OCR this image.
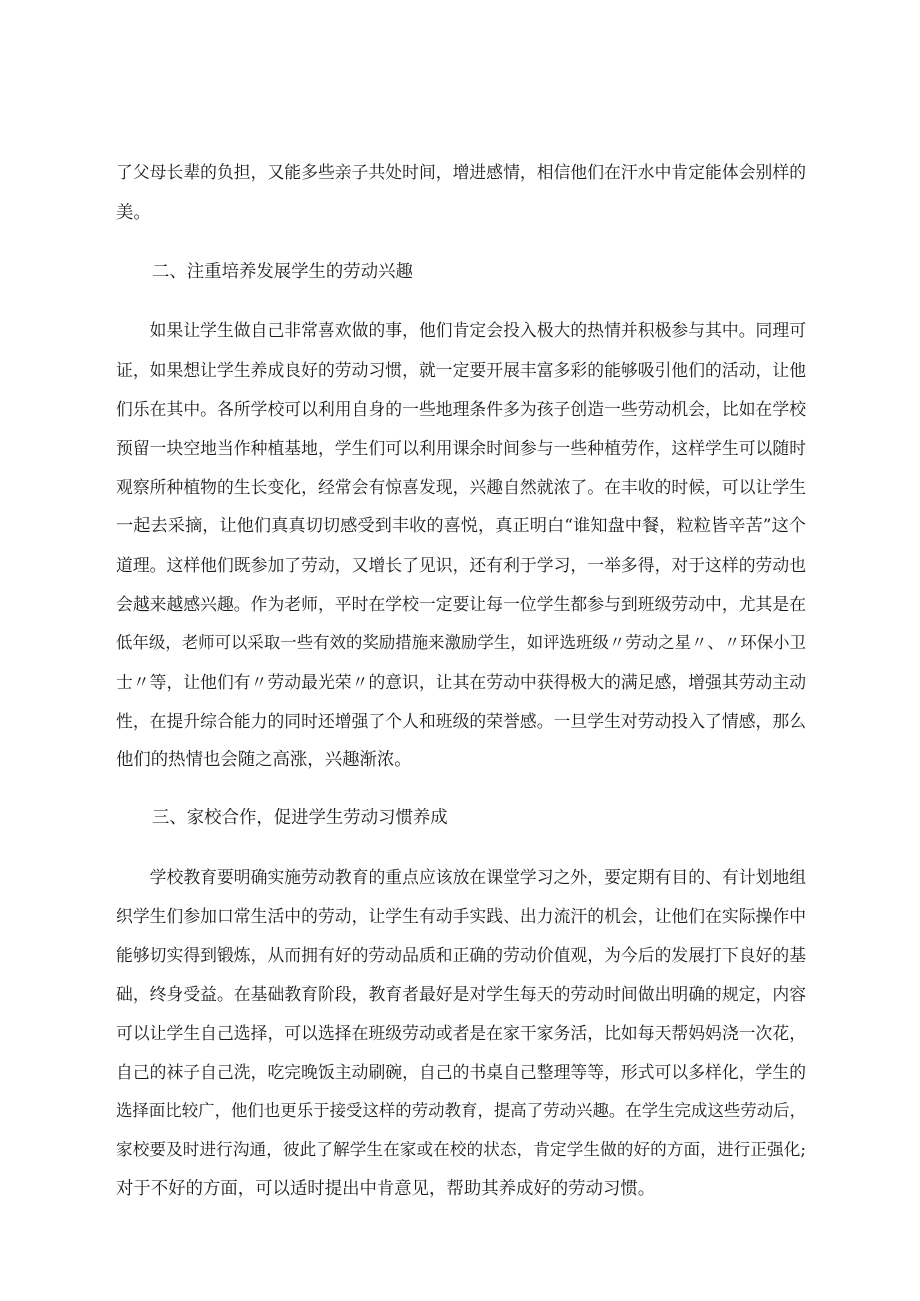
了父母长辈的负担，又能多些亲子共处时间，增进感情，相信他们在汗水中肯定能体会别样的
美。
二、注重培养发展学生的劳动兴趣
　　如果让学生做自己非常喜欢做的事，他们肯定会投入极大的热情并积极参与其中。同理可
证，如果想让学生养成良好的劳动习惯，就一定要开展丰富多彩的能够吸引他们的活动，让他
们乐在其中。各所学校可以利用自身的一些地理条件多为孩子创造一些劳动机会，比如在学校
预留一块空地当作种植基地，学生们可以利用课余时间参与一些种植劳作，这样学生可以随时
观察所种植物的生长变化，经常会有惊喜发现，兴趣自然就浓了。在丰收的时候，可以让学生
一起去采摘，让他们真真切切感受到丰收的喜悦，真正明白“谁知盘中餐，粒粒皆辛苦”这个
道理。这样他们既参加了劳动，又增长了见识，还有利于学习，一举多得，对于这样的劳动也
会越来越感兴趣。作为老师，平时在学校一定要让每一位学生都参与到班级劳动中，尤其是在
低年级，老师可以采取一些有效的奖励措施来激励学生，如评选班级〃劳动之星〃、〃环保小卫
士〃等，让他们有〃劳动最光荣〃的意识，让其在劳动中获得极大的满足感，增强其劳动主动
性，在提升综合能力的同时还增强了个人和班级的荣誉感。一旦学生对劳动投入了情感，那么
他们的热情也会随之高涨，兴趣渐浓。
三、家校合作，促进学生劳动习惯养成
　　学校教育要明确实施劳动教育的重点应该放在课堂学习之外，要定期有目的、有计划地组
织学生们参加口常生活中的劳动，让学生有动手实践、出力流汗的机会，让他们在实际操作中
能够切实得到锻炼，从而拥有好的劳动品质和正确的劳动价值观，为今后的发展打下良好的基
础，终身受益。在基础教育阶段，教育者最好是对学生每天的劳动时间做出明确的规定，内容
可以让学生自己选择，可以选择在班级劳动或者是在家干家务活，比如每天帮妈妈浇一次花，
自己的袜子自己洗，吃完晚饭主动刷碗，自己的书桌自己整理等等，形式可以多样化，学生的
选择面比较广，他们也更乐于接受这样的劳动教育，提高了劳动兴趣。在学生完成这些劳动后，
家校要及时进行沟通，彼此了解学生在家或在校的状态，肯定学生做的好的方面，进行正强化;
对于不好的方面，可以适时提出中肯意见，帮助其养成好的劳动习惯。
